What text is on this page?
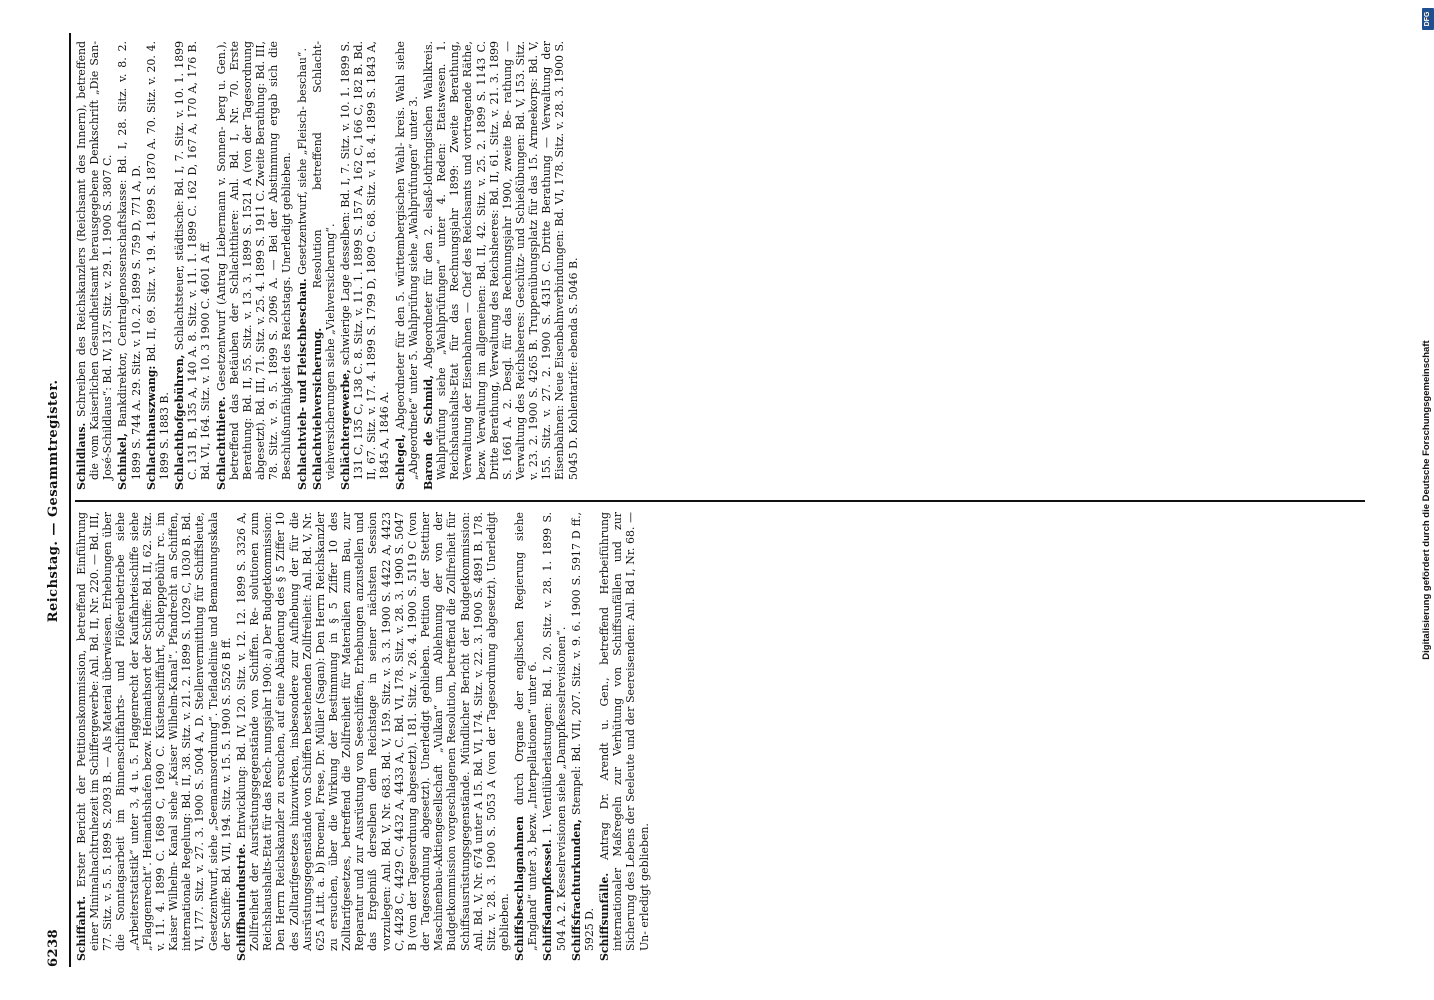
6238
Reichstag. — Gesammtregister.
Schiffahrt. Erster Bericht der Petitionskommission, betreffend Einführung einer Minimalnachtruhezeit im Schiffergewerbe: Anl. Bd. II, Nr. 220. — Bd. III, 77. Sitz. v. 5. 5. 1899 S. 2093 B. — Als Material überwiesen. Erhebungen über die Sonntagsarbeit im Binnenschiffahrts- und Flößereibetriebe siehe „Arbeiterstatistik“ unter 3, 4 u. 5. Flaggenrecht der Kauffahrteischiffe siehe „Flaggenrecht“. Heimathshafen bezw. Heimathsort der Schiffe: Bd. II, 62. Sitz. v. 11. 4. 1899 C. 1689 C, 1690 C. Küstenschiffahrt, Schleppgebühr rc. im Kaiser Wilhelm- Kanal siehe „Kaiser Wilhelm-Kanal“. Pfandrecht an Schiffen, internationale Regelung: Bd. II, 38. Sitz. v. 21. 2. 1899 S. 1029 C, 1030 B. Bd. VI, 177. Sitz. v. 27. 3. 1900 S. 5004 A, D. Stellenvermittlung für Schiffsleute, Gesetzentwurf, siehe „Seemannsordnung“. Tiefladelinie und Bemannungsskala der Schiffe: Bd. VII, 194. Sitz. v. 15. 5. 1900 S. 5526 B ff.
Schiffbauindustrie. Entwicklung: Bd. IV, 120. Sitz. v. 12. 12. 1899 S. 3326 A, Zollfreiheit der Ausrüstungsgegenstände von Schiffen. Re- solutionen zum Reichshaushalts-Etat für das Rech- nungsjahr 1900: a) Der Budgetkommission: Den Herrn Reichskanzler zu ersuchen, auf eine Abänderung des § 5 Ziffer 10 des Zolltarifgesetzes hinzuwirken, insbesondere zur Aufhebung der für die Ausrüstungsgegenstände von Schiffen bestehenden Zollfreiheit: Anl. Bd. V, Nr. 625 A Litt. a. b) Broemel, Frese, Dr. Müller (Sagan): Den Herrn Reichskanzler zu ersuchen, über die Wirkung der Bestimmung in § 5 Ziffer 10 des Zolltarifgesetzes, betreffend die Zollfreiheit für Materialien zum Bau, zur Reparatur und zur Ausrüstung von Seeschiffen, Erhebungen anzustellen und das Ergebniß derselben dem Reichstage in seiner nächsten Session vorzulegen: Anl. Bd. V, Nr. 683. Bd. V, 159. Sitz. v. 3. 3. 1900 S. 4422 A, 4423 C, 4428 C, 4429 C, 4432 A, 4433 A, C. Bd. VI, 178. Sitz. v. 28. 3. 1900 S. 5047 B (von der Tagesordnung abgesetzt). 181. Sitz. v. 26. 4. 1900 S. 5119 C (von der Tagesordnung abgesetzt). Unerledigt geblieben. Petition der Stettiner Maschinenbau-Aktiengesellschaft „Vulkan“ um Ablehnung der von der Budgetkommission vorgeschlagenen Resolution, betreffend die Zollfreiheit für Schiffsausrüstungsgegenstände. Mündlicher Bericht der Budgetkommission: Anl. Bd. V, Nr. 674 unter A 15. Bd. VI, 174. Sitz. v. 22. 3. 1900 S. 4891 B. 178. Sitz. v. 28. 3. 1900 S. 5053 A (von der Tagesordnung abgesetzt). Unerledigt geblieben. Schiffsbeschlagnahmen durch Organe der englischen Regierung siehe „England“ unter 3, bezw. „Interpellationen“ unter 6. Schiffsdampfkessel. 1. Ventilüberlastungen: Bd. I, 20. Sitz. v. 28. 1. 1899 S. 504 A. 2. Kesselrevisionen siehe „Dampfkesselrevisionen“. Schiffsfrachturkunden, Stempel: Bd. VII, 207. Sitz. v. 9. 6. 1900 S. 5917 D ff., 5925 D. Schiffsunfälle. Antrag Dr. Arendt u. Gen., betreffend Herbeiführung internationaler Maßregeln zur Verhütung von Schiffsunfällen und zur Sicherung des Lebens der Seeleute und der Seereisenden: Anl. Bd I, Nr. 68. — Un- erledigt geblieben.
Schildlaus. Schreiben des Reichskanzlers (Reichsamt des Innern), betreffend die vom Kaiserlichen Gesundheitsamt herausgegebene Denkschrift „Die San-José-Schildlaus“: Bd. IV, 137. Sitz. v. 29. 1. 1900 S. 3807 C.
Schinkel, Bankdirektor, Centralgenossenschaftskasse: Bd. I, 28. Sitz. v. 8. 2. 1899 S. 744 A. 29. Sitz. v. 10. 2. 1899 S. 759 D, 771 A, D.
Schlachthauszwang: Bd. II, 69. Sitz. v. 19. 4. 1899 S. 1870 A. 70. Sitz. v. 20. 4. 1899 S. 1883 B. Schlachthofgebühren, Schlachtsteuer, städtische: Bd. I, 7. Sitz. v. 10. 1. 1899 C. 131 B, 135 A, 140 A. 8. Sitz. v. 11. 1. 1899 C. 162 D, 167 A, 170 A, 176 B. Bd. VI, 164. Sitz. v. 10. 3 1900 C. 4601 A ff. Schlachtthiere. Gesetzentwurf (Antrag Liebermann v. Sonnen- berg u. Gen.), betreffend das Betäuben der Schlachtthiere: Anl. Bd. I, Nr. 70. Erste Berathung: Bd. II, 55. Sitz. v. 13. 3. 1899 S. 1521 A (von der Tagesordnung abgesetzt). Bd. III, 71. Sitz. v. 25. 4. 1899 S. 1911 C. Zweite Berathung: Bd. III, 78. Sitz. v. 9. 5. 1899 S. 2096 A. — Bei der Abstimmung ergab sich die Beschlußunfähigkeit des Reichstags. Unerledigt geblieben.
Schlachtvieh- und Fleischbeschau. Gesetzentwurf, siehe „Fleisch- beschau“.
Schlachtviehversicherung. Resolution betreffend Schlacht- viehversicherungen siehe „Viehversicherung“. Schlächtergewerbe, schwierige Lage desselben: Bd. I, 7. Sitz. v. 10. 1. 1899 S. 131 C, 135 C, 138 C. 8. Sitz. v. 11. 1. 1899 S. 157 A, 162 C, 166 C, 182 B. Bd. II, 67. Sitz. v. 17. 4. 1899 S. 1799 D, 1809 C. 68. Sitz. v. 18. 4. 1899 S. 1843 A, 1845 A, 1846 A.
Schlegel, Abgeordneter für den 5. württembergischen Wahl- kreis. Wahl siehe „Abgeordnete“ unter 5. Wahlprüfung siehe „Wahlprüfungen“ unter 3.
Baron de Schmid, Abgeordneter für den 2. elsaß-lothringischen Wahlkreis. Wahlprüfung siehe „Wahlprüfungen“ unter 4. Reden: Etatswesen. 1. Reichshaushalts-Etat für das Rechnungsjahr 1899: Zweite Berathung, Verwaltung der Eisenbahnen — Chef des Reichsamts und vortragende Räthe, bezw. Verwaltung im allgemeinen: Bd. II, 42. Sitz. v. 25. 2. 1899 S. 1143 C. Dritte Berathung, Verwaltung des Reichsheeres: Bd. II, 61. Sitz. v. 21. 3. 1899 S. 1661 A. 2. Desgl. für das Rechnungsjahr 1900, zweite Be- rathung — Verwaltung des Reichsheeres: Geschütz- und Schießübungen: Bd. V, 153. Sitz. v. 23. 2. 1900 S. 4265 B. Truppenübungsplatz für das 15. Armeekorps: Bd. V, 155. Sitz. v. 27. 2. 1900 S. 4315 C. Dritte Berathung — Verwaltung der Eisenbahnen: Neue Eisenbahnverbindungen: Bd. VI, 178. Sitz. v. 28. 3. 1900 S. 5045 D. Kohlentarife: ebenda S. 5046 B.	Digitalisierung gefördert durch die Deutsche Forschungsgemeinschaft
DFG
